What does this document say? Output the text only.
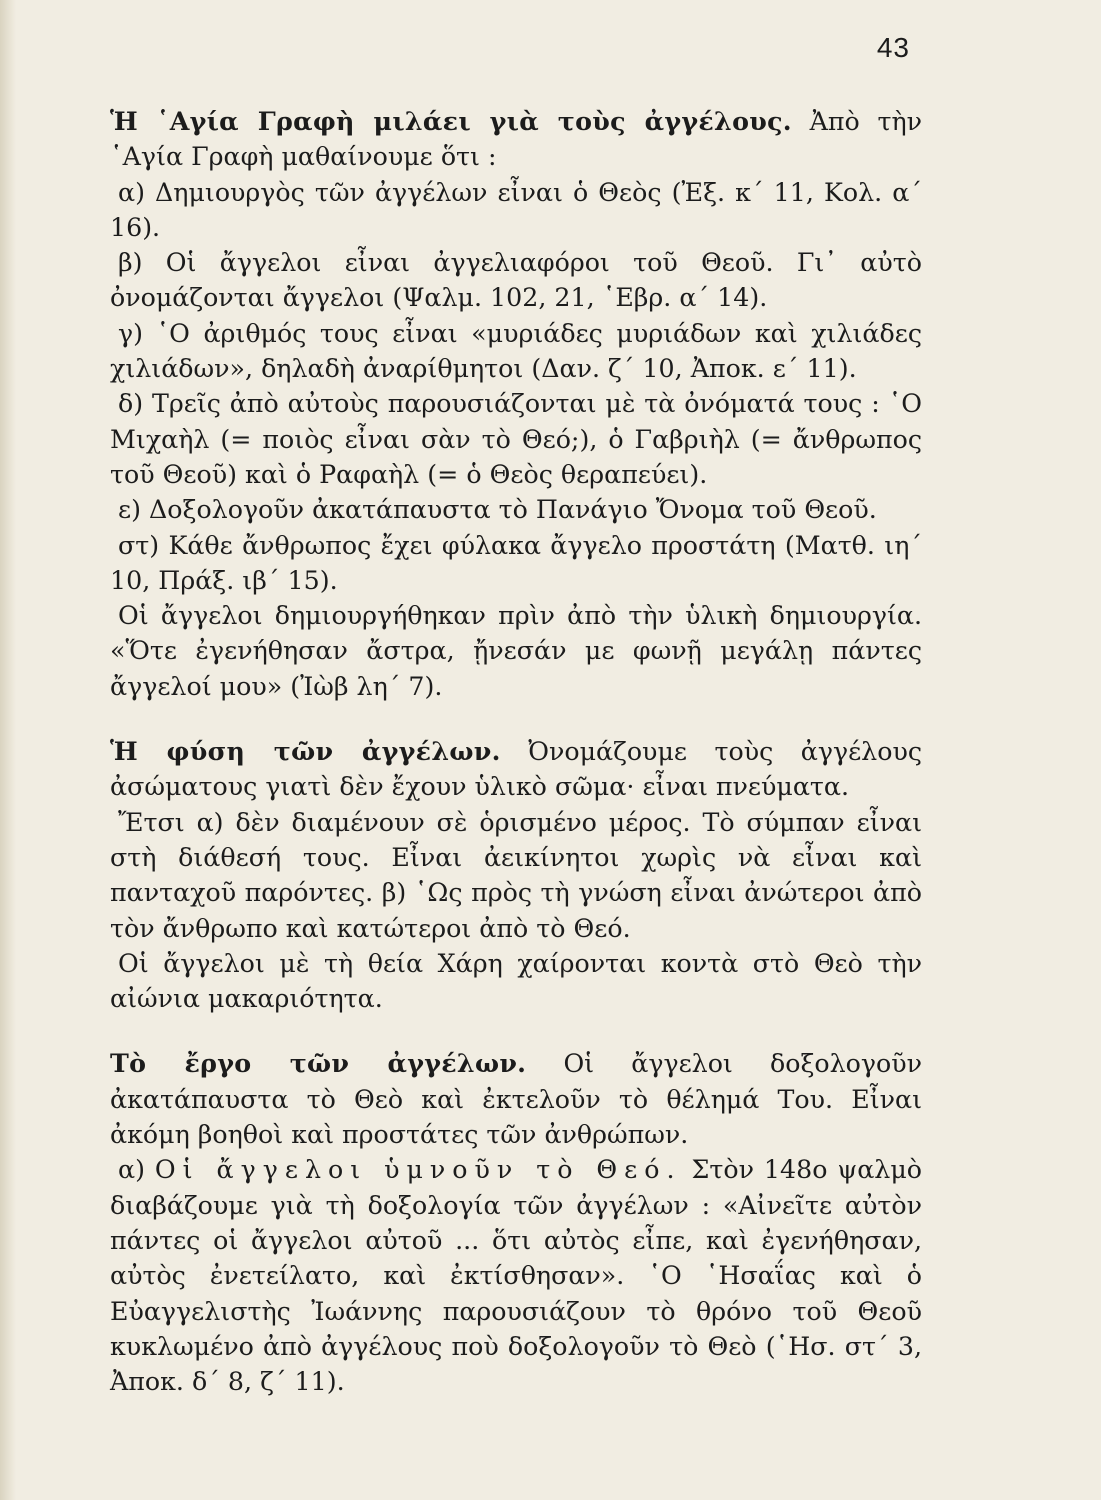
43

Ἡ ῾Αγία Γραφὴ μιλάει γιὰ τοὺς ἀγγέλους. Ἀπὸ τὴν ῾Αγία Γραφὴ μαθαίνουμε ὅτι :

α) Δημιουργὸς τῶν ἀγγέλων εἶναι ὁ Θεὸς (Ἐξ. κ΄ 11, Κολ. α΄ 16).

β) Οἱ ἄγγελοι εἶναι ἀγγελιαφόροι τοῦ Θεοῦ. Γι᾽ αὐτὸ ὀνομάζονται ἄγγελοι (Ψαλμ. 102, 21, ῾Εβρ. α΄ 14).

γ) ῾Ο ἀριθμός τους εἶναι «μυριάδες μυριάδων καὶ χιλιάδες χιλιάδων», δηλαδὴ ἀναρίθμητοι (Δαν. ζ΄ 10, Ἀποκ. ε΄ 11).

δ) Τρεῖς ἀπὸ αὐτοὺς παρουσιάζονται μὲ τὰ ὀνόματά τους : ῾Ο Μιχαὴλ (= ποιὸς εἶναι σὰν τὸ Θεό;), ὁ Γαβριὴλ (= ἄνθρωπος τοῦ Θεοῦ) καὶ ὁ Ραφαὴλ (= ὁ Θεὸς θεραπεύει).

ε) Δοξολογοῦν ἀκατάπαυστα τὸ Πανάγιο Ὄνομα τοῦ Θεοῦ.

στ) Κάθε ἄνθρωπος ἔχει φύλακα ἄγγελο προστάτη (Ματθ. ιη΄ 10, Πράξ. ιβ΄ 15).

Οἱ ἄγγελοι δημιουργήθηκαν πρὶν ἀπὸ τὴν ὑλικὴ δημιουργία. «Ὅτε ἐγενήθησαν ἄστρα, ᾔνεσάν με φωνῇ μεγάλῃ πάντες ἄγγελοί μου» (Ἰὼβ λη΄ 7).

Ἡ φύση τῶν ἀγγέλων. Ὀνομάζουμε τοὺς ἀγγέλους ἀσώματους γιατὶ δὲν ἔχουν ὑλικὸ σῶμα· εἶναι πνεύματα.

Ἔτσι α) δὲν διαμένουν σὲ ὁρισμένο μέρος. Τὸ σύμπαν εἶναι στὴ διάθεσή τους. Εἶναι ἀεικίνητοι χωρὶς νὰ εἶναι καὶ πανταχοῦ παρόντες. β) ῾Ως πρὸς τὴ γνώση εἶναι ἀνώτεροι ἀπὸ τὸν ἄνθρωπο καὶ κατώτεροι ἀπὸ τὸ Θεό.

Οἱ ἄγγελοι μὲ τὴ θεία Χάρη χαίρονται κοντὰ στὸ Θεὸ τὴν αἰώνια μακαριότητα.

Τὸ ἔργο τῶν ἀγγέλων. Οἱ ἄγγελοι δοξολογοῦν ἀκατάπαυστα τὸ Θεὸ καὶ ἐκτελοῦν τὸ θέλημά Του. Εἶναι ἀκόμη βοηθοὶ καὶ προστάτες τῶν ἀνθρώπων.

α) Οἱ ἄγγελοι ὑμνοῦν τὸ Θεό. Στὸν 148ο ψαλμὸ διαβάζουμε γιὰ τὴ δοξολογία τῶν ἀγγέλων : «Αἰνεῖτε αὐτὸν πάντες οἱ ἄγγελοι αὐτοῦ ... ὅτι αὐτὸς εἶπε, καὶ ἐγενήθησαν, αὐτὸς ἐνετείλατο, καὶ ἐκτίσθησαν». ῾Ο ῾Ησαΐας καὶ ὁ Εὐαγγελιστὴς Ἰωάννης παρουσιάζουν τὸ θρόνο τοῦ Θεοῦ κυκλωμένο ἀπὸ ἀγγέλους ποὺ δοξολογοῦν τὸ Θεὸ (῾Ησ. στ΄ 3, Ἀποκ. δ΄ 8, ζ΄ 11).
